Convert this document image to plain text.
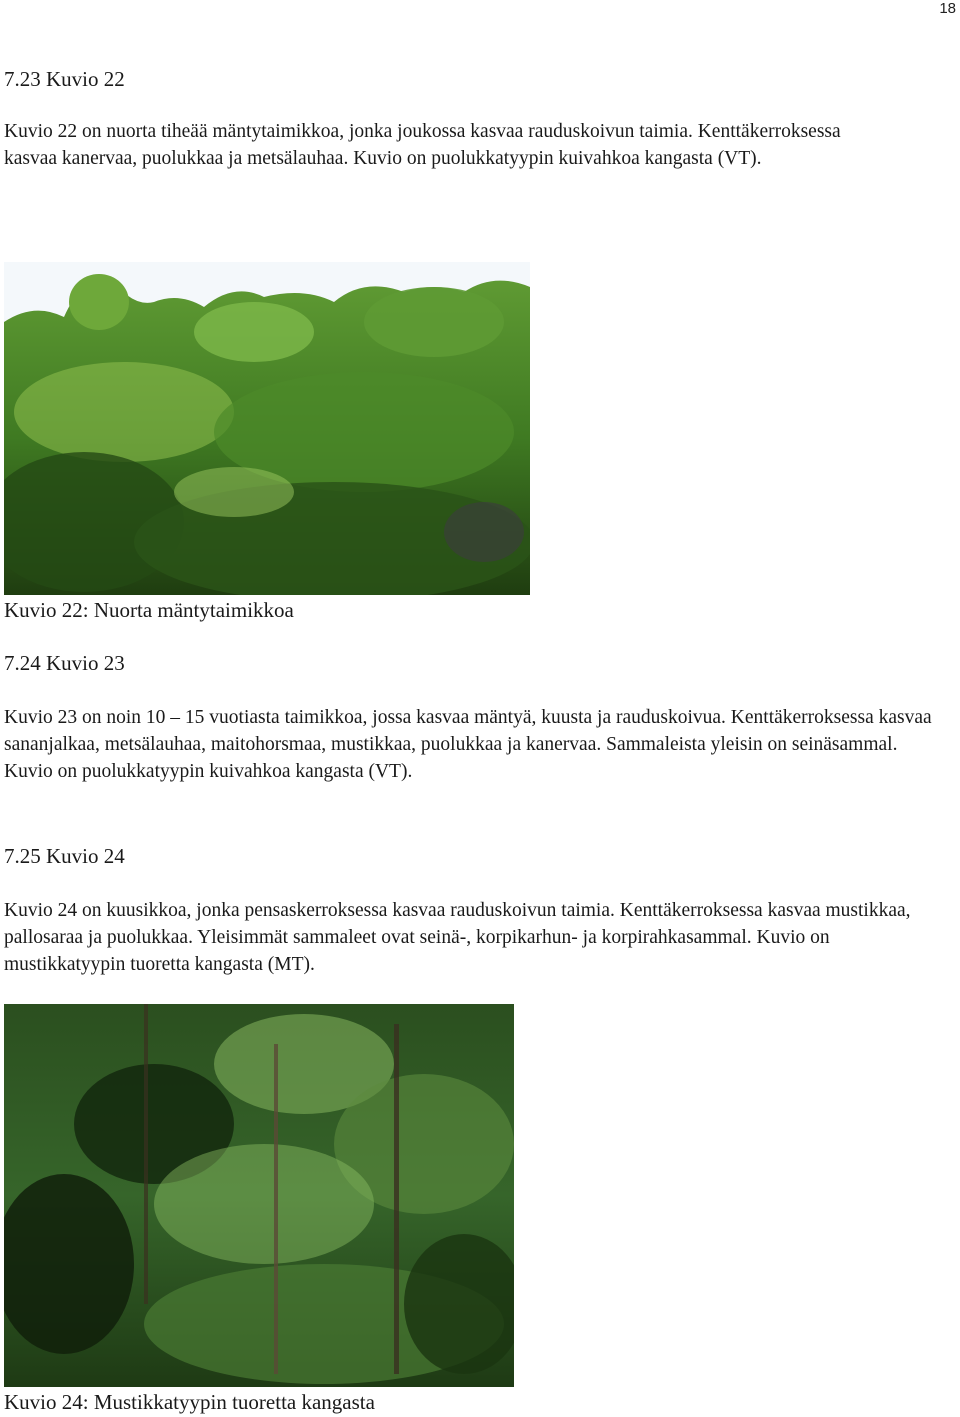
18
7.23 Kuvio 22

Kuvio 22 on nuorta tiheää mäntytaimikkoa, jonka joukossa kasvaa rauduskoivun taimia. Kenttäkerroksessa kasvaa kanervaa, puolukkaa ja metsälauhaa. Kuvio on puolukkatyypin kuivahkoa kangasta (VT).

Kuvio 22: Nuorta mäntytaimikkoa

7.24 Kuvio 23

Kuvio 23 on noin 10 – 15 vuotiasta taimikkoa, jossa kasvaa mäntyä, kuusta ja rauduskoivua. Kenttäkerroksessa kasvaa sananjalkaa, metsälauhaa, maitohorsmaa, mustikkaa, puolukkaa ja kanervaa. Sammaleista yleisin on seinäsammal. Kuvio on puolukkatyypin kuivahkoa kangasta (VT).

7.25 Kuvio 24

Kuvio 24 on kuusikkoa, jonka pensaskerroksessa kasvaa rauduskoivun taimia. Kenttäkerroksessa kasvaa mustikkaa, pallosaraa ja puolukkaa. Yleisimmät sammaleet ovat seinä-, korpikarhun- ja korpirahkasammal. Kuvio on mustikkatyypin tuoretta kangasta (MT).

Kuvio 24: Mustikkatyypin tuoretta kangasta
